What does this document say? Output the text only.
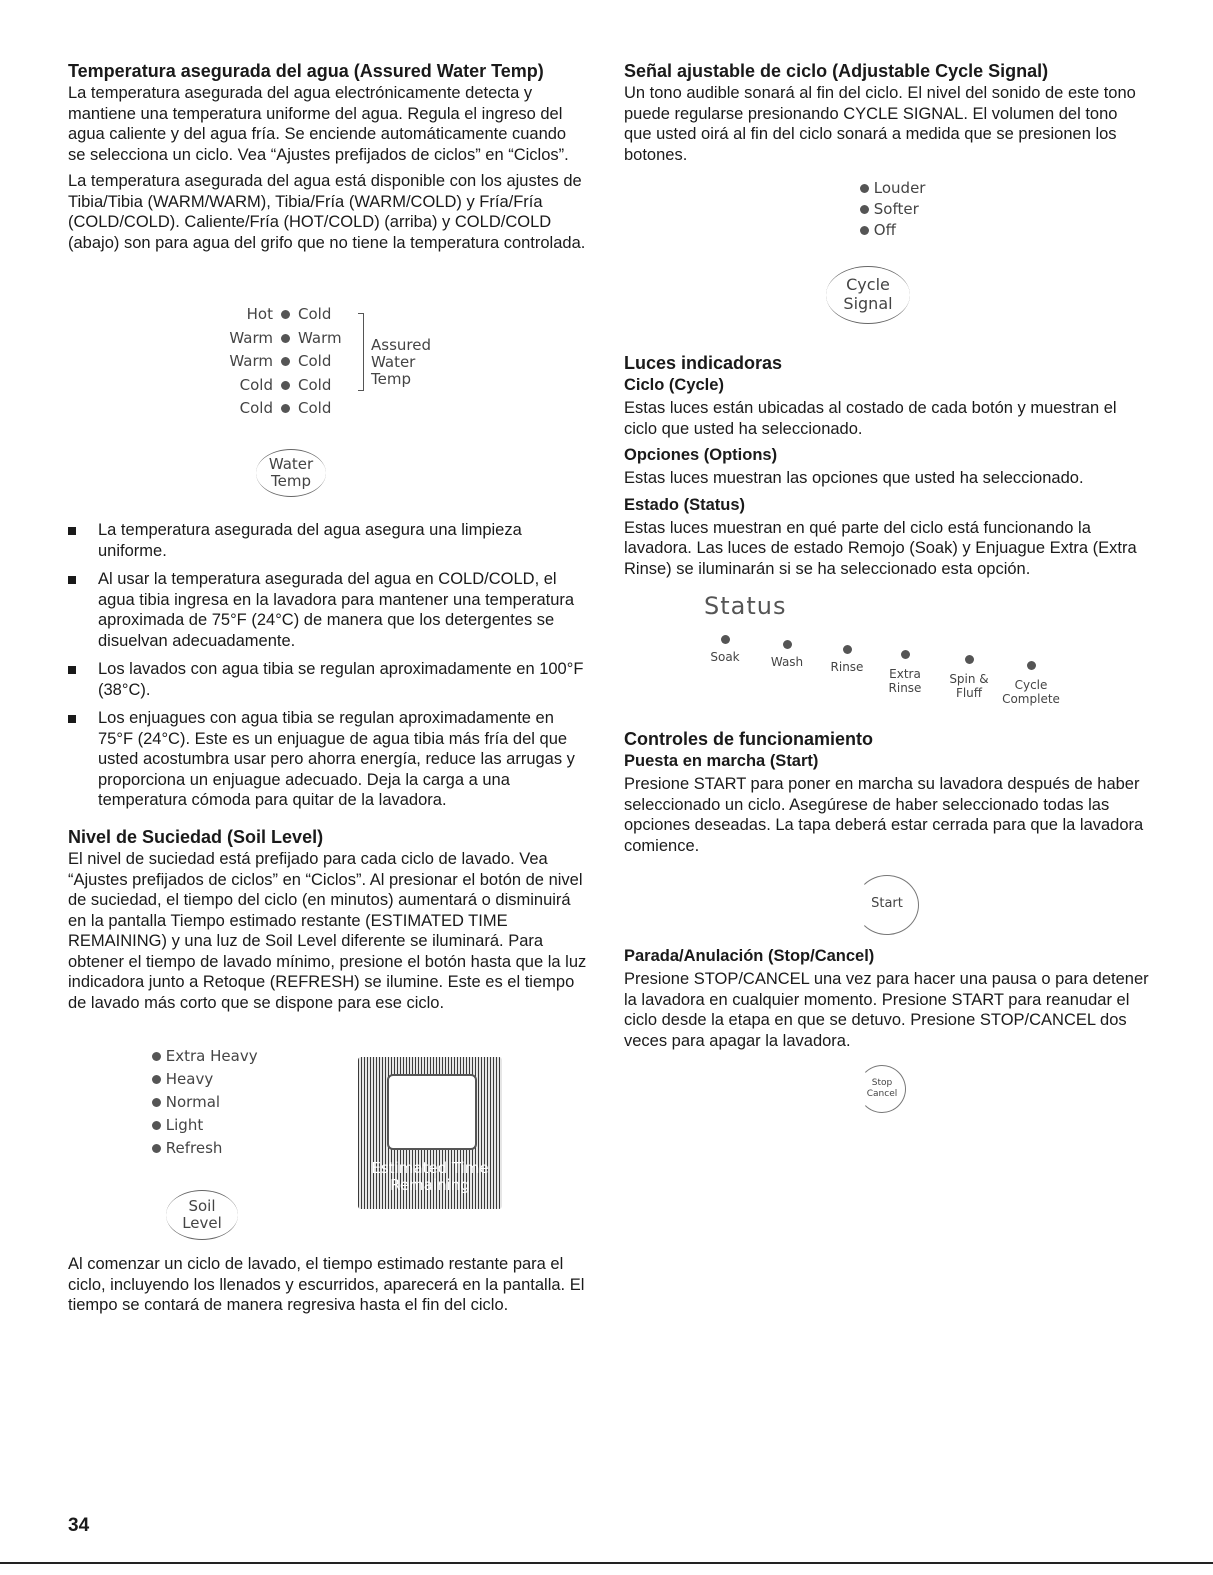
Temperatura asegurada del agua (Assured Water Temp)

La temperatura asegurada del agua electrónicamente detecta y mantiene una temperatura uniforme del agua. Regula el ingreso del agua caliente y del agua fría. Se enciende automáticamente cuando se selecciona un ciclo. Vea “Ajustes prefijados de ciclos” en “Ciclos”.

La temperatura asegurada del agua está disponible con los ajustes de Tibia/Tibia (WARM/WARM), Tibia/Fría (WARM/COLD) y Fría/Fría (COLD/COLD). Caliente/Fría (HOT/COLD) (arriba) y COLD/COLD (abajo) son para agua del grifo que no tiene la temperatura controlada.

Hot Cold
Warm Warm
Warm Cold
Cold Cold
Cold Cold
Assured
Water
Temp
Water
Temp
La temperatura asegurada del agua asegura una limpieza uniforme.
Al usar la temperatura asegurada del agua en COLD/COLD, el agua tibia ingresa en la lavadora para mantener una temperatura aproximada de 75°F (24°C) de manera que los detergentes se disuelvan adecuadamente.
Los lavados con agua tibia se regulan aproximadamente en 100°F (38°C).
Los enjuagues con agua tibia se regulan aproximadamente en 75°F (24°C). Este es un enjuague de agua tibia más fría del que usted acostumbra usar pero ahorra energía, reduce las arrugas y proporciona un enjuague adecuado. Deja la carga a una temperatura cómoda para quitar de la lavadora.
Nivel de Suciedad (Soil Level)

El nivel de suciedad está prefijado para cada ciclo de lavado. Vea “Ajustes prefijados de ciclos” en “Ciclos”. Al presionar el botón de nivel de suciedad, el tiempo del ciclo (en minutos) aumentará o disminuirá en la pantalla Tiempo estimado restante (ESTIMATED TIME REMAINING) y una luz de Soil Level diferente se iluminará. Para obtener el tiempo de lavado mínimo, presione el botón hasta que la luz indicadora junto a Retoque (REFRESH) se ilumine. Este es el tiempo de lavado más corto que se dispone para ese ciclo.

Extra Heavy
Heavy
Normal
Light
Refresh
Soil
Level
Estimated Time
Remaining

Al comenzar un ciclo de lavado, el tiempo estimado restante para el ciclo, incluyendo los llenados y escurridos, aparecerá en la pantalla. El tiempo se contará de manera regresiva hasta el fin del ciclo.

Señal ajustable de ciclo (Adjustable Cycle Signal)

Un tono audible sonará al fin del ciclo. El nivel del sonido de este tono puede regularse presionando CYCLE SIGNAL. El volumen del tono que usted oirá al fin del ciclo sonará a medida que se presionen los botones.

Louder
Softer
Off
Cycle
Signal
Luces indicadoras
Ciclo (Cycle)

Estas luces están ubicadas al costado de cada botón y muestran el ciclo que usted ha seleccionado.

Opciones (Options)

Estas luces muestran las opciones que usted ha seleccionado.

Estado (Status)

Estas luces muestran en qué parte del ciclo está funcionando la lavadora. Las luces de estado Remojo (Soak) y Enjuague Extra (Extra Rinse) se iluminarán si se ha seleccionado esta opción.

Status
Soak	Wash	Rinse	Extra
Rinse
Spin &
Fluff
Cycle
Complete
Controles de funcionamiento
Puesta en marcha (Start)

Presione START para poner en marcha su lavadora después de haber seleccionado un ciclo. Asegúrese de haber seleccionado todas las opciones deseadas. La tapa deberá estar cerrada para que la lavadora comience.

Start
Parada/Anulación (Stop/Cancel)

Presione STOP/CANCEL una vez para hacer una pausa o para detener la lavadora en cualquier momento. Presione START para reanudar el ciclo desde la etapa en que se detuvo. Presione STOP/CANCEL dos veces para apagar la lavadora.

Stop
Cancel
34
